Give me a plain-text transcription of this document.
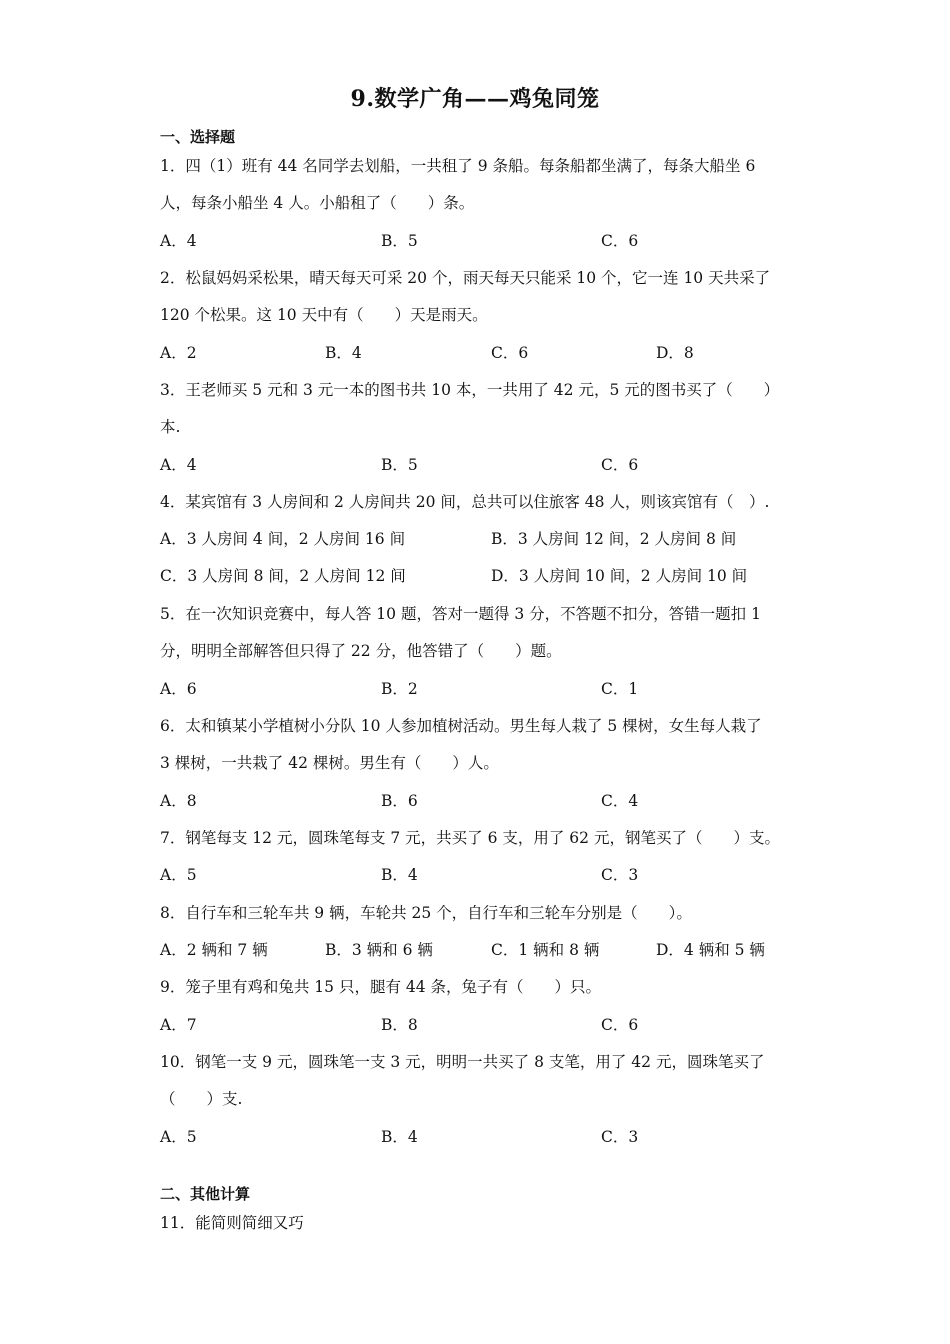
9.数学广角——鸡兔同笼
一、选择题
1．四（1）班有 44 名同学去划船，一共租了 9 条船。每条船都坐满了，每条大船坐 6
人，每条小船坐 4 人。小船租了（　　）条。
A．4	B．5	C．6
2．松鼠妈妈采松果，晴天每天可采 20 个，雨天每天只能采 10 个，它一连 10 天共采了
120 个松果。这 10 天中有（　　）天是雨天。
A．2	B．4	C．6	D．8
3．王老师买 5 元和 3 元一本的图书共 10 本，一共用了 42 元，5 元的图书买了（　　）
本.
A．4	B．5	C．6
4．某宾馆有 3 人房间和 2 人房间共 20 间，总共可以住旅客 48 人，则该宾馆有（　）.
A．3 人房间 4 间，2 人房间 16 间	B．3 人房间 12 间，2 人房间 8 间
C．3 人房间 8 间，2 人房间 12 间	D．3 人房间 10 间，2 人房间 10 间
5．在一次知识竞赛中，每人答 10 题，答对一题得 3 分，不答题不扣分，答错一题扣 1
分，明明全部解答但只得了 22 分，他答错了（　　）题。
A．6	B．2	C．1
6．太和镇某小学植树小分队 10 人参加植树活动。男生每人栽了 5 棵树，女生每人栽了
3 棵树，一共栽了 42 棵树。男生有（　　）人。
A．8	B．6	C．4
7．钢笔每支 12 元，圆珠笔每支 7 元，共买了 6 支，用了 62 元，钢笔买了（　　）支。
A．5	B．4	C．3
8．自行车和三轮车共 9 辆，车轮共 25 个，自行车和三轮车分别是（　　）。
A．2 辆和 7 辆	B．3 辆和 6 辆	C．1 辆和 8 辆	D．4 辆和 5 辆
9．笼子里有鸡和兔共 15 只，腿有 44 条，兔子有（　　）只。
A．7	B．8	C．6
10．钢笔一支 9 元，圆珠笔一支 3 元，明明一共买了 8 支笔，用了 42 元，圆珠笔买了
（　　）支.
A．5	B．4	C．3
二、其他计算
11．能简则简细又巧
